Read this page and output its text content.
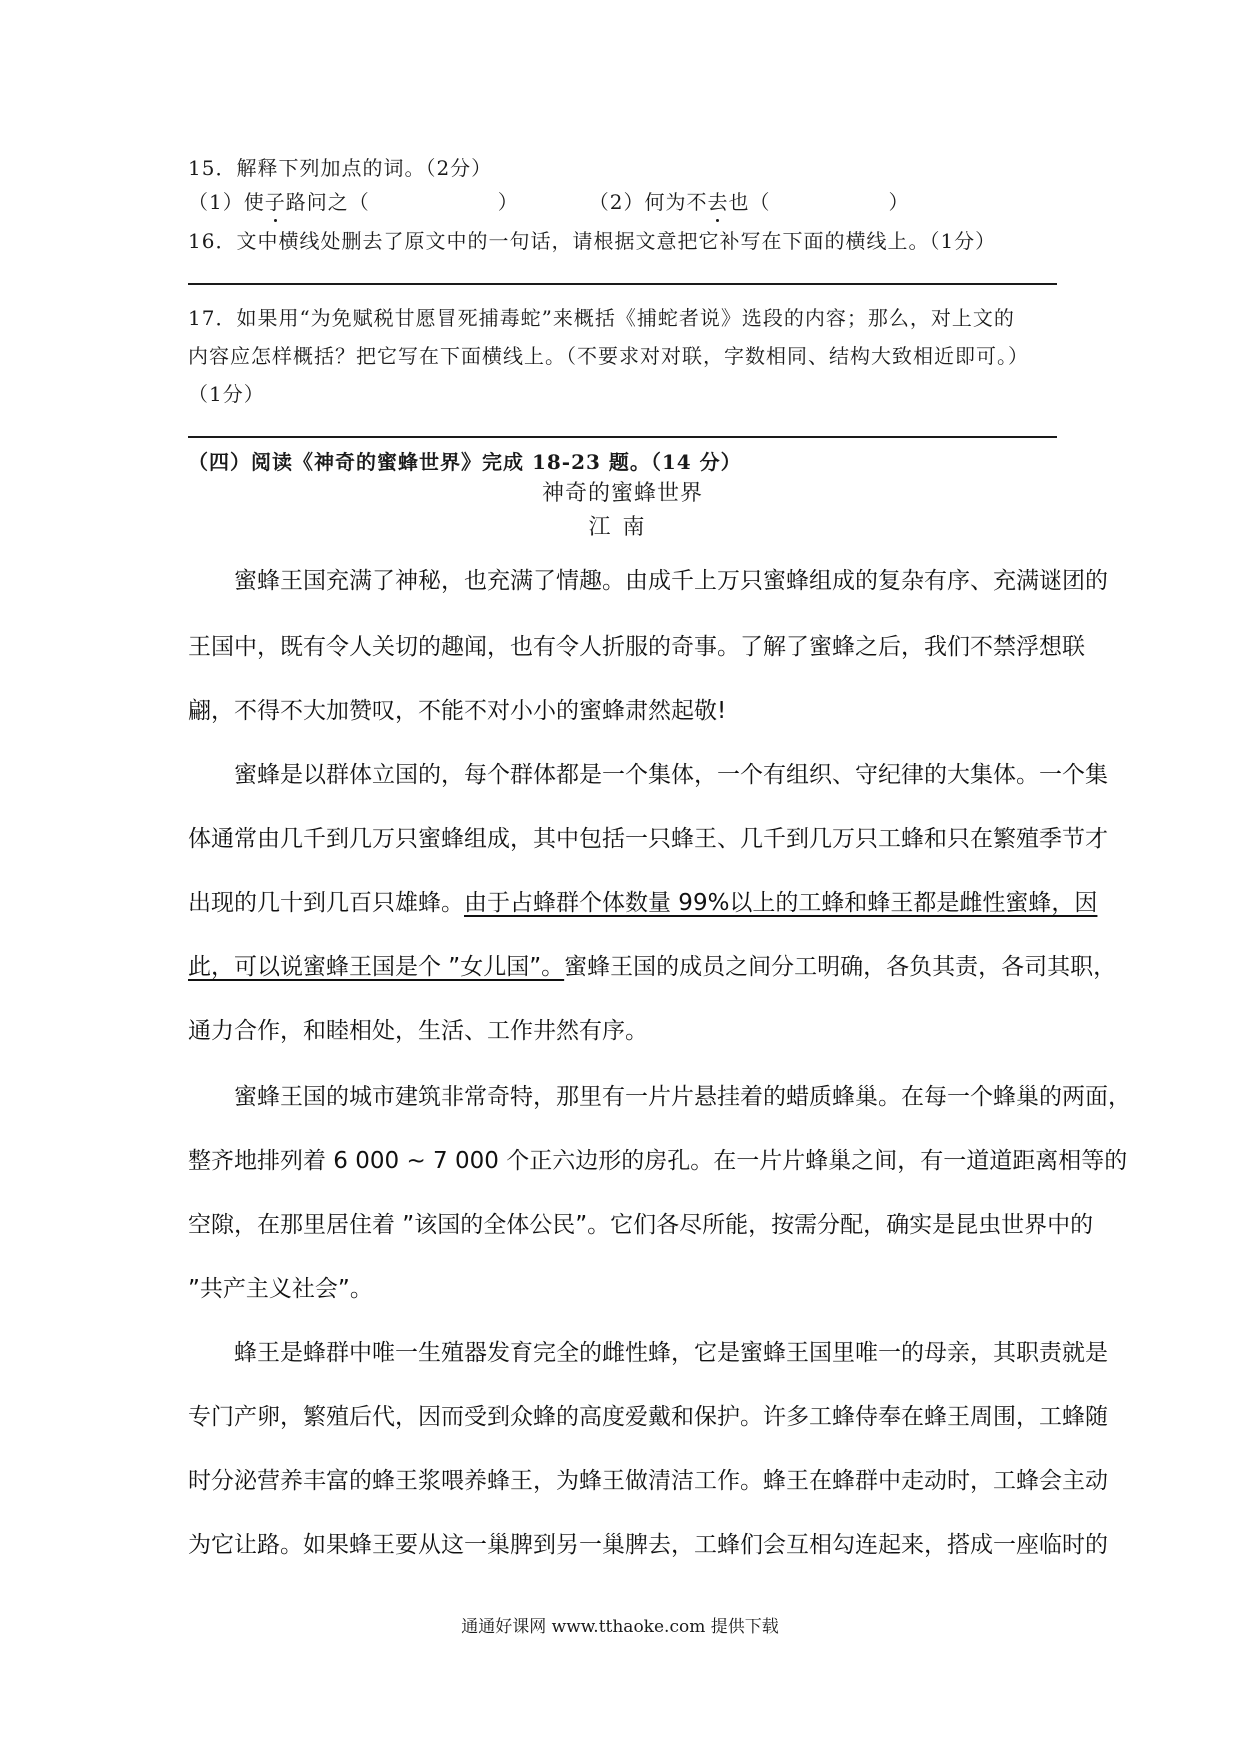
15．解释下列加点的词。（2分）
（1）使子路问之（	）	（2）何为不去也（	）
16．文中横线处删去了原文中的一句话，请根据文意把它补写在下面的横线上。（1分）
17．如果用“为免赋税甘愿冒死捕毒蛇”来概括《捕蛇者说》选段的内容；那么，对上文的
内容应怎样概括？把它写在下面横线上。（不要求对对联，字数相同、结构大致相近即可。）
（1分）
（四）阅读《神奇的蜜蜂世界》完成 18-23 题。（14 分）
神奇的蜜蜂世界
江南
蜜蜂王国充满了神秘，也充满了情趣。由成千上万只蜜蜂组成的复杂有序、充满谜团的
王国中，既有令人关切的趣闻，也有令人折服的奇事。了解了蜜蜂之后，我们不禁浮想联
翩，不得不大加赞叹，不能不对小小的蜜蜂肃然起敬!
蜜蜂是以群体立国的，每个群体都是一个集体，一个有组织、守纪律的大集体。一个集
体通常由几千到几万只蜜蜂组成，其中包括一只蜂王、几千到几万只工蜂和只在繁殖季节才
出现的几十到几百只雄蜂。由于占蜂群个体数量 99%以上的工蜂和蜂王都是雌性蜜蜂，因
此，可以说蜜蜂王国是个 ”女儿国”。蜜蜂王国的成员之间分工明确，各负其责，各司其职，
通力合作，和睦相处，生活、工作井然有序。
蜜蜂王国的城市建筑非常奇特，那里有一片片悬挂着的蜡质蜂巢。在每一个蜂巢的两面，
整齐地排列着 6 000 ~ 7 000 个正六边形的房孔。在一片片蜂巢之间，有一道道距离相等的
空隙，在那里居住着 ”该国的全体公民”。它们各尽所能，按需分配，确实是昆虫世界中的
”共产主义社会”。
蜂王是蜂群中唯一生殖器发育完全的雌性蜂，它是蜜蜂王国里唯一的母亲，其职责就是
专门产卵，繁殖后代，因而受到众蜂的高度爱戴和保护。许多工蜂侍奉在蜂王周围，工蜂随
时分泌营养丰富的蜂王浆喂养蜂王，为蜂王做清洁工作。蜂王在蜂群中走动时，工蜂会主动
为它让路。如果蜂王要从这一巢脾到另一巢脾去，工蜂们会互相勾连起来，搭成一座临时的
通通好课网 www.tthaoke.com 提供下载
